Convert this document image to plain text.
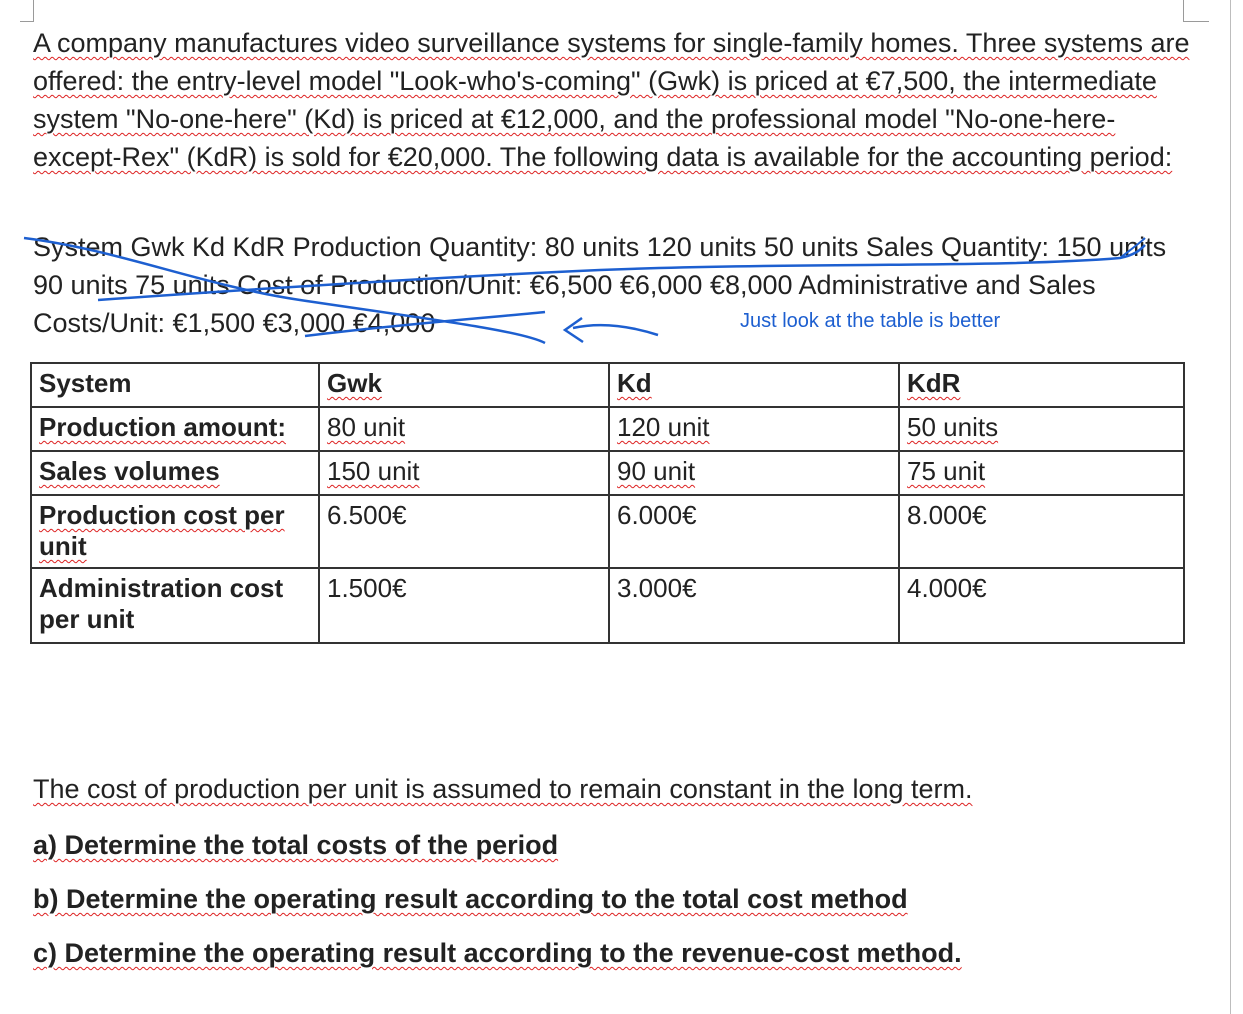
A company manufactures video surveillance systems for single-family homes. Three systems are offered: the entry-level model "Look-who's-coming" (Gwk) is priced at €7,500, the intermediate system "No-one-here" (Kd) is priced at €12,000, and the professional model "No-one-here-except-Rex" (KdR) is sold for €20,000. The following data is available for the accounting period:

System Gwk Kd KdR Production Quantity: 80 units 120 units 50 units Sales Quantity: 150 units 90 units 75 units Cost of Production/Unit: €6,500 €6,000 €8,000 Administrative and Sales Costs/Unit: €1,500 €3,000 €4,000	Just look at the table is better

System	Gwk	Kd	KdR
Production amount:	80 unit	120 unit	50 units
Sales volumes	150 unit	90 unit	75 unit
Production cost per unit	6.500€	6.000€	8.000€
Administration cost per unit	1.500€	3.000€	4.000€

The cost of production per unit is assumed to remain constant in the long term.

a) Determine the total costs of the period

b) Determine the operating result according to the total cost method

c) Determine the operating result according to the revenue-cost method.
